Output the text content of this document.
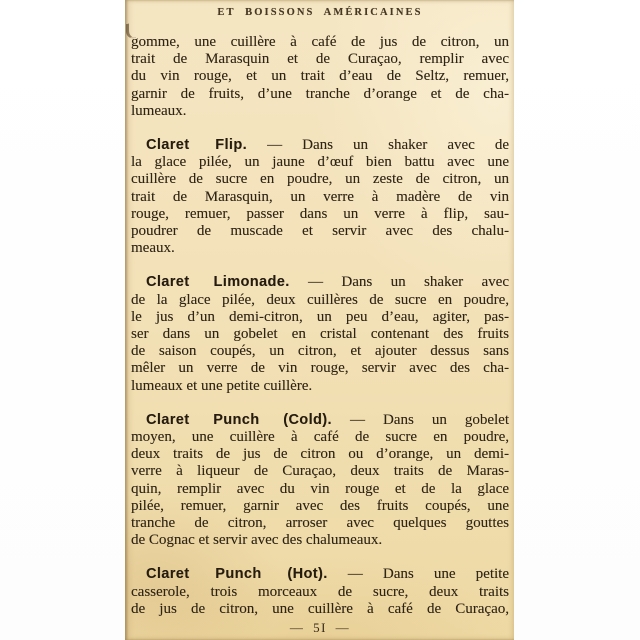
ET BOISSONS AMÉRICAINES
gomme, une cuillère à café de jus de citron, un
trait de Marasquin et de Curaçao, remplir avec
du vin rouge, et un trait d’eau de Seltz, remuer,
garnir de fruits, d’une tranche d’orange et de cha-
lumeaux.
Claret Flip. — Dans un shaker avec de
la glace pilée, un jaune d’œuf bien battu avec une
cuillère de sucre en poudre, un zeste de citron, un
trait de Marasquin, un verre à madère de vin
rouge, remuer, passer dans un verre à flip, sau-
poudrer de muscade et servir avec des chalu-
meaux.
Claret Limonade. — Dans un shaker avec
de la glace pilée, deux cuillères de sucre en poudre,
le jus d’un demi-citron, un peu d’eau, agiter, pas-
ser dans un gobelet en cristal contenant des fruits
de saison coupés, un citron, et ajouter dessus sans
mêler un verre de vin rouge, servir avec des cha-
lumeaux et une petite cuillère.
Claret Punch (Cold). — Dans un gobelet
moyen, une cuillère à café de sucre en poudre,
deux traits de jus de citron ou d’orange, un demi-
verre à liqueur de Curaçao, deux traits de Maras-
quin, remplir avec du vin rouge et de la glace
pilée, remuer, garnir avec des fruits coupés, une
tranche de citron, arroser avec quelques gouttes
de Cognac et servir avec des chalumeaux.
Claret Punch (Hot). — Dans une petite
casserole, trois morceaux de sucre, deux traits
de jus de citron, une cuillère à café de Curaçao,
— 5I —
